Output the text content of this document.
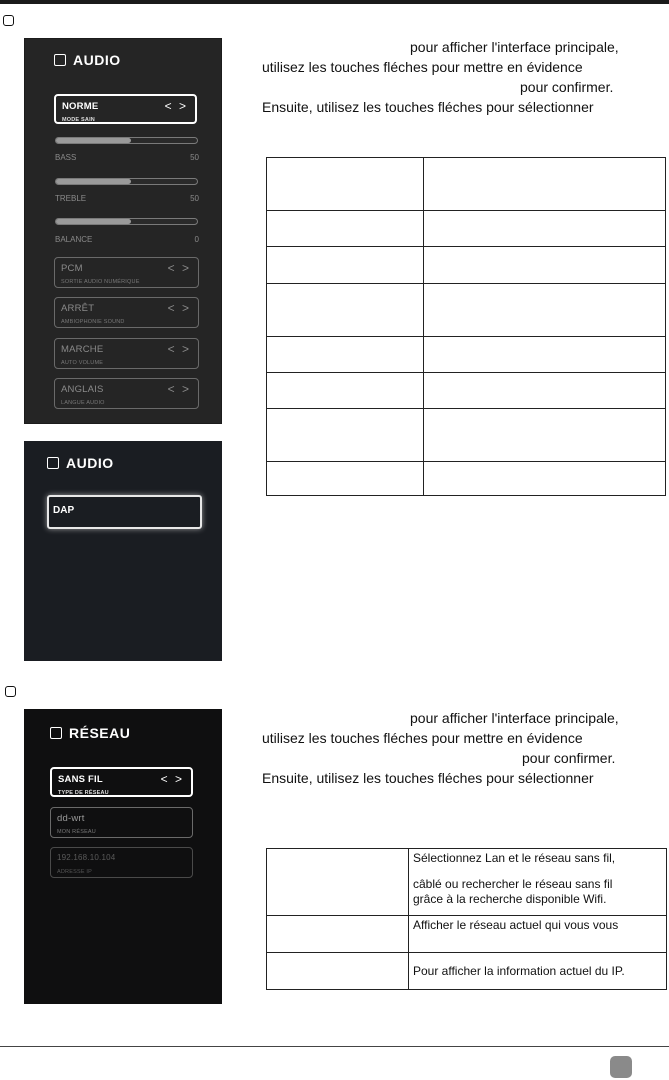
AUDIO
NORME
MODE SAIN
< >
BASS	50
TREBLE	50
BALANCE	0
PCM
SORTIE AUDIO NUMÉRIQUE
< >
ARRÊT
AMBIOPHONIE SOUND
< >
MARCHE
AUTO VOLUME
< >
ANGLAIS
LANGUE AUDIO
< >
AUDIO
DAP
pour afficher l'interface principale,
utilisez les touches fléches pour mettre en évidence
pour confirmer.
Ensuite, utilisez les touches fléches pour sélectionner

RÉSEAU
SANS FIL
TYPE DE RÉSEAU
< >
dd-wrt
MON RÉSEAU
192.168.10.104
ADRESSE IP
pour afficher l'interface principale,
utilisez les touches fléches pour mettre en évidence
pour confirmer.
Ensuite, utilisez les touches fléches pour sélectionner

	Sélectionnez Lan et le réseau sans fil,
câblé ou rechercher le réseau sans fil
grâce à la recherche disponible Wifi.

	Afficher le réseau actuel qui vous vous

	Pour afficher la information actuel du IP.
